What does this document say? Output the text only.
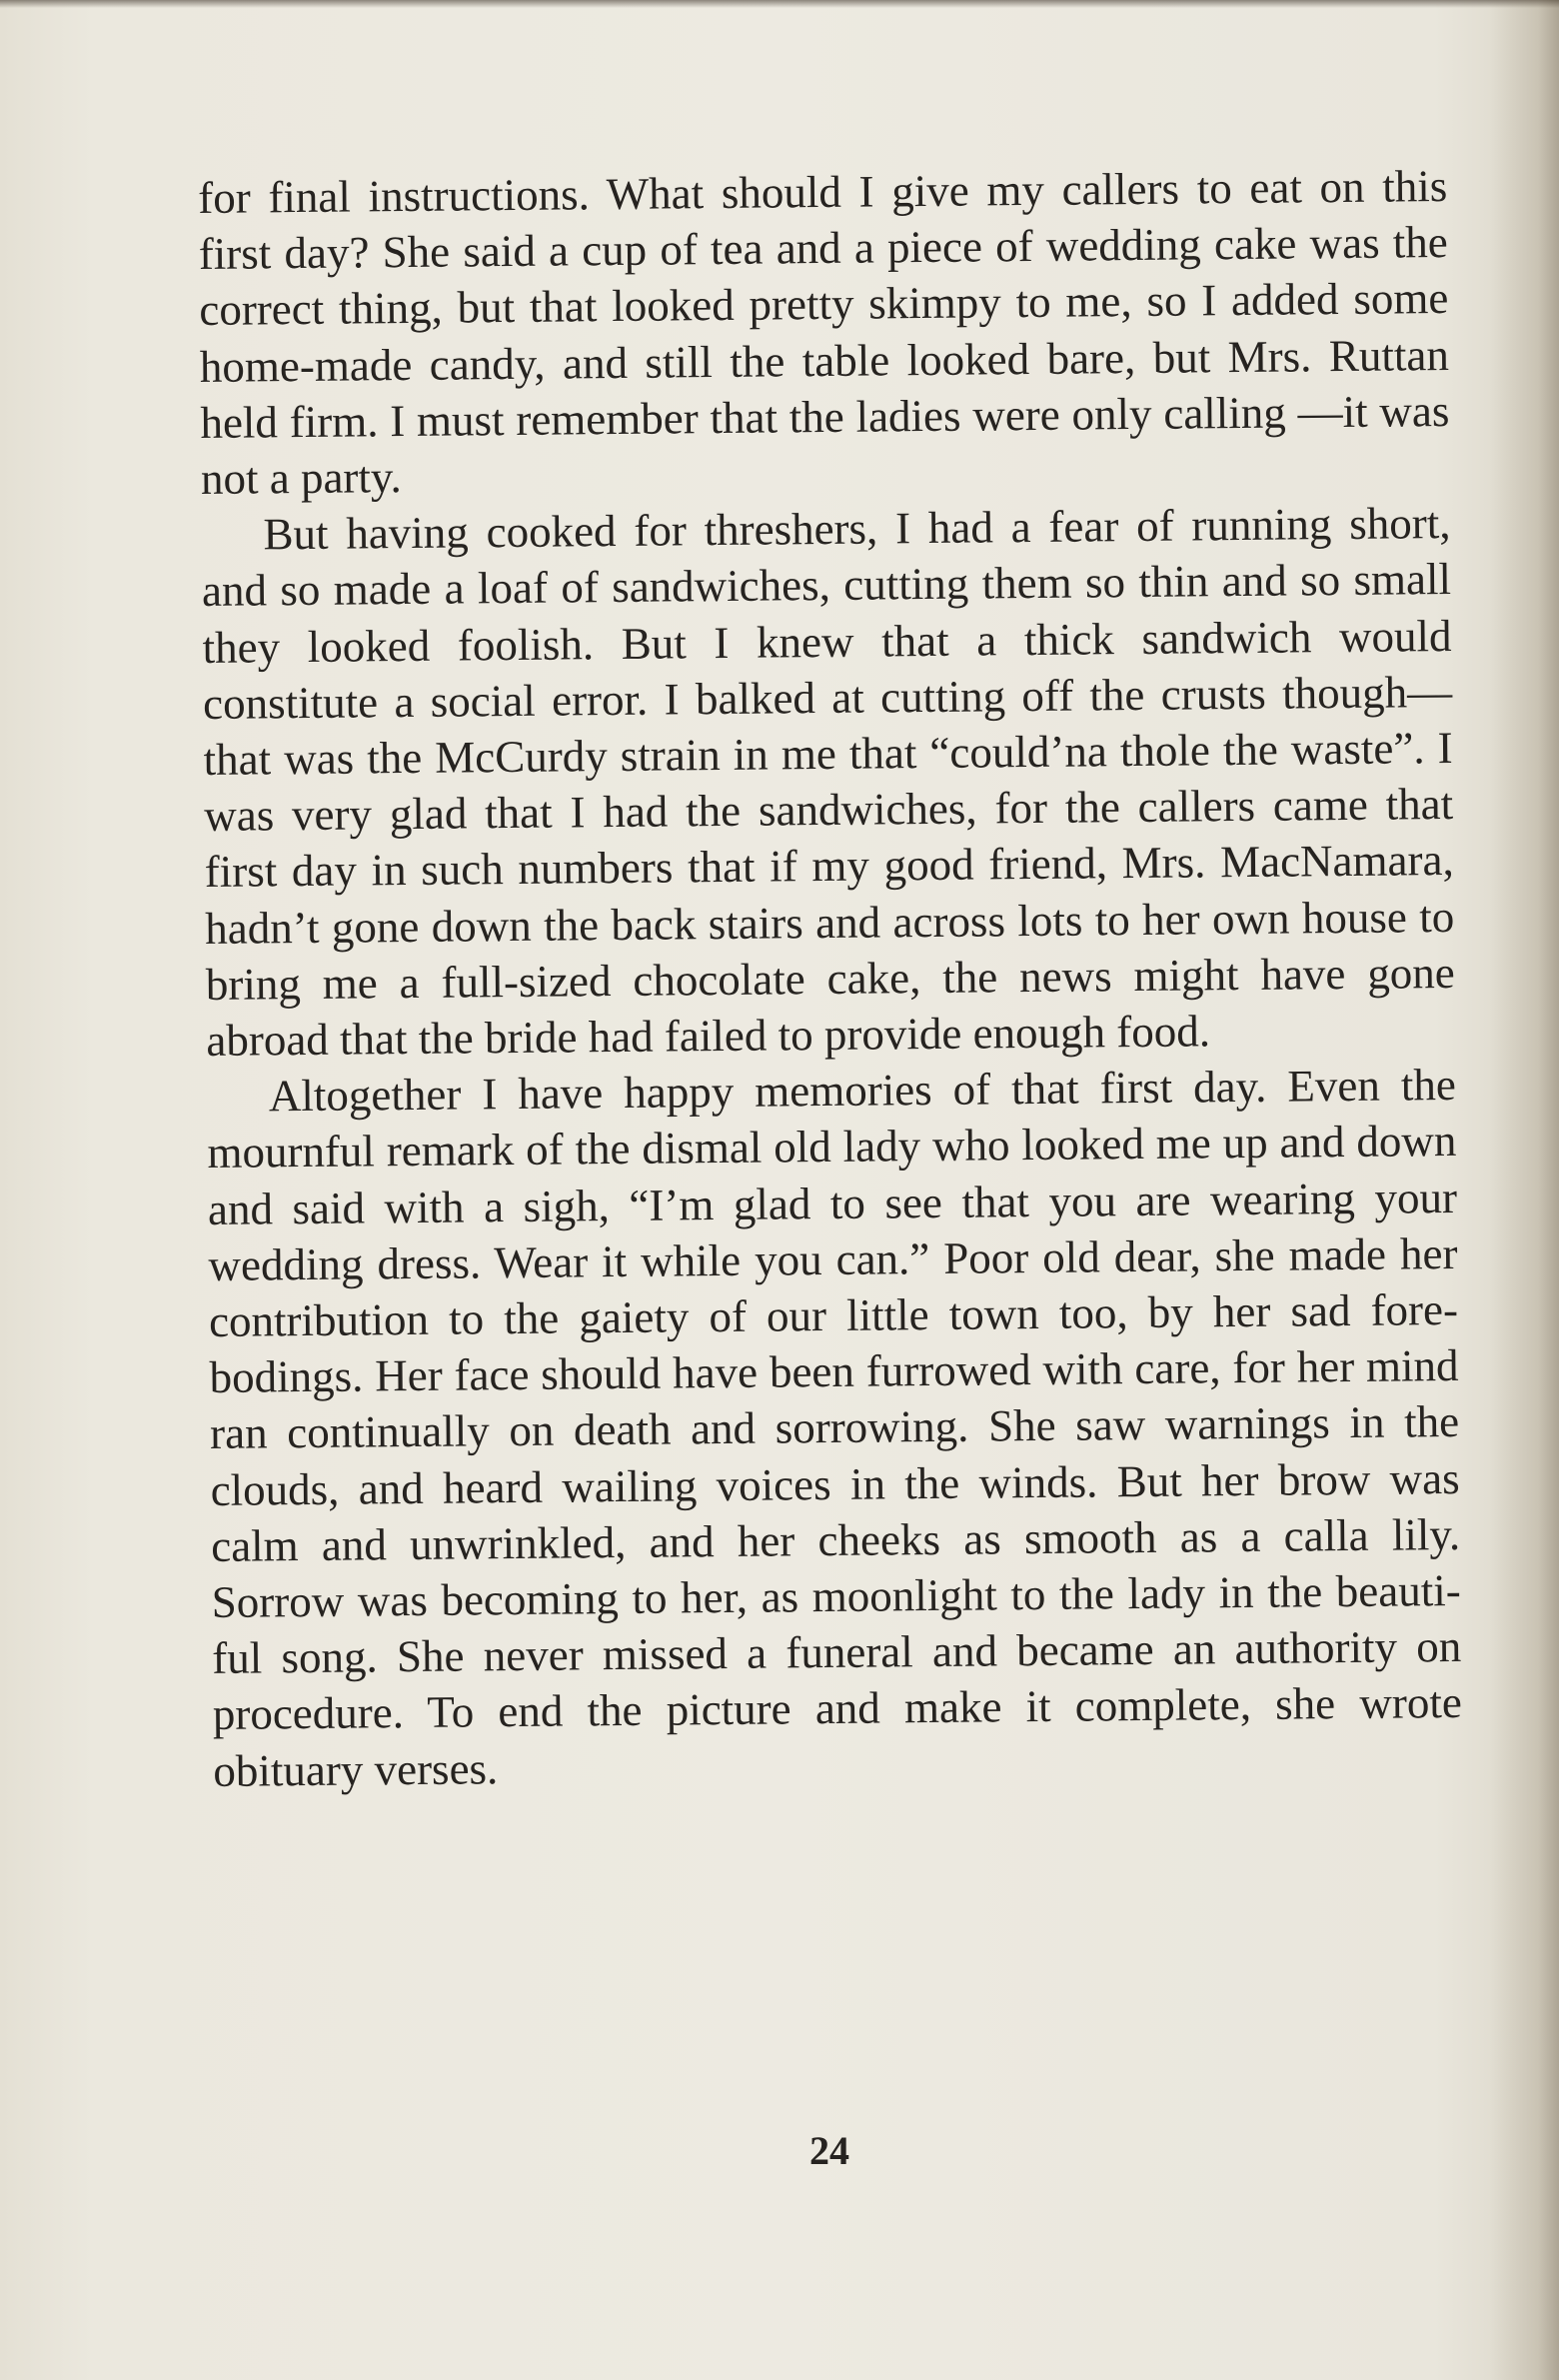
for final instructions. What should I give my callers to eat on this first day? She said a cup of tea and a piece of wedding cake was the correct thing, but that looked pretty skimpy to me, so I added some home-made candy, and still the table looked bare, but Mrs. Ruttan held firm. I must remember that the ladies were only calling —it was not a party.

But having cooked for threshers, I had a fear of running short, and so made a loaf of sandwiches, cutting them so thin and so small they looked foolish. But I knew that a thick sandwich would constitute a social error. I balked at cutting off the crusts though—that was the McCurdy strain in me that “could’na thole the waste”. I was very glad that I had the sandwiches, for the callers came that first day in such numbers that if my good friend, Mrs. MacNamara, hadn’t gone down the back stairs and across lots to her own house to bring me a full-sized chocolate cake, the news might have gone abroad that the bride had failed to provide enough food.

Altogether I have happy memories of that first day. Even the mournful remark of the dismal old lady who looked me up and down and said with a sigh, “I’m glad to see that you are wearing your wedding dress. Wear it while you can.” Poor old dear, she made her contribution to the gaiety of our little town too, by her sad forebodings. Her face should have been furrowed with care, for her mind ran continually on death and sorrowing. She saw warnings in the clouds, and heard wailing voices in the winds. But her brow was calm and unwrinkled, and her cheeks as smooth as a calla lily. Sorrow was becoming to her, as moonlight to the lady in the beautiful song. She never missed a funeral and became an authority on procedure. To end the picture and make it complete, she wrote obituary verses.

24
